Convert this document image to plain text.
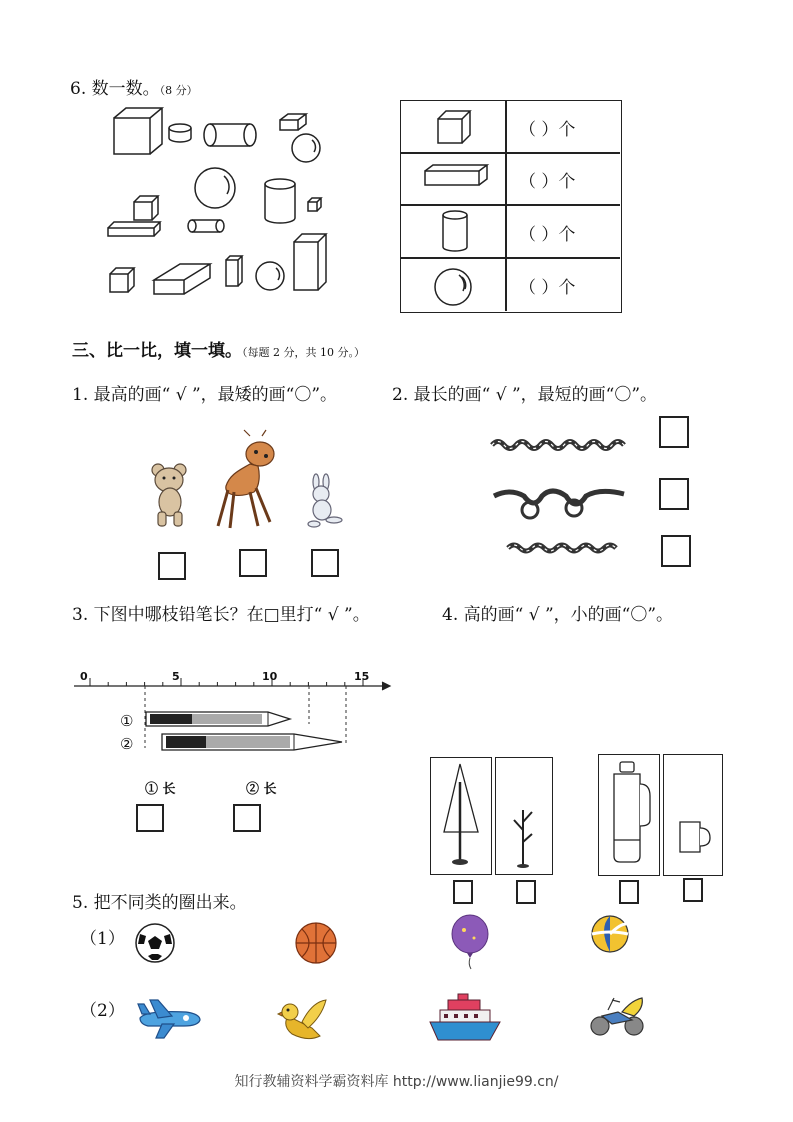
6. 数一数。（8 分）
（ ）个
（ ）个
（ ）个
（ ）个
三、比一比，填一填。（每题 2 分，共 10 分。）
1. 最高的画“ √ ”，最矮的画“〇”。	2. 最长的画“ √ ”，最短的画“〇”。
3. 下图中哪枝铅笔长？在□里打“ √ ”。	4. 高的画“ √ ”，小的画“〇”。
0	5	10	15
①
②
① 长	② 长
5. 把不同类的圈出来。
（1）
（2）
知行教辅资料学霸资料库 http://www.lianjie99.cn/
